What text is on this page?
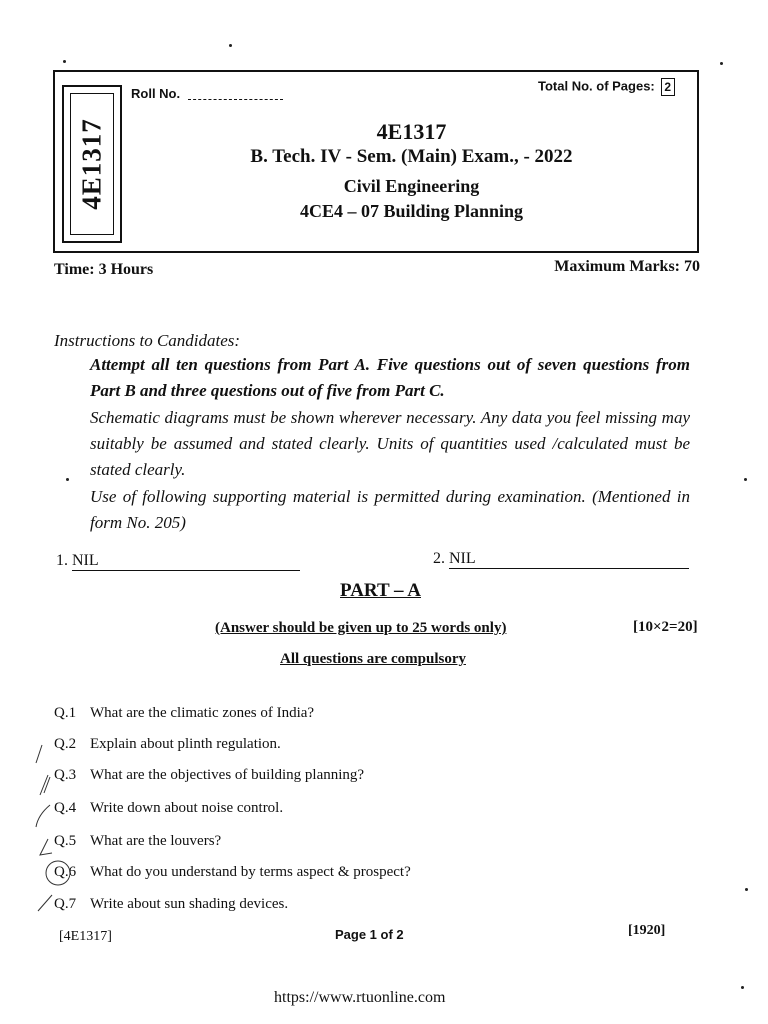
4E1317
Roll No.
Total No. of Pages: 2
4E1317
B. Tech. IV - Sem. (Main) Exam., - 2022
Civil Engineering
4CE4 – 07 Building Planning
Time: 3 Hours	Maximum Marks: 70
Instructions to Candidates:
Attempt all ten questions from Part A. Five questions out of seven questions from Part B and three questions out of five from Part C.
Schematic diagrams must be shown wherever necessary. Any data you feel missing may suitably be assumed and stated clearly. Units of quantities used /calculated must be stated clearly.
Use of following supporting material is permitted during examination. (Mentioned in form No. 205)
1. NIL	2. NIL
PART – A
(Answer should be given up to 25 words only)	[10×2=20]
All questions are compulsory
Q.1 What are the climatic zones of India?
Q.2 Explain about plinth regulation.
Q.3 What are the objectives of building planning?
Q.4 Write down about noise control.
Q.5 What are the louvers?
Q.6 What do you understand by terms aspect & prospect?
Q.7 Write about sun shading devices.
[4E1317]	Page 1 of 2	[1920]
https://www.rtuonline.com
